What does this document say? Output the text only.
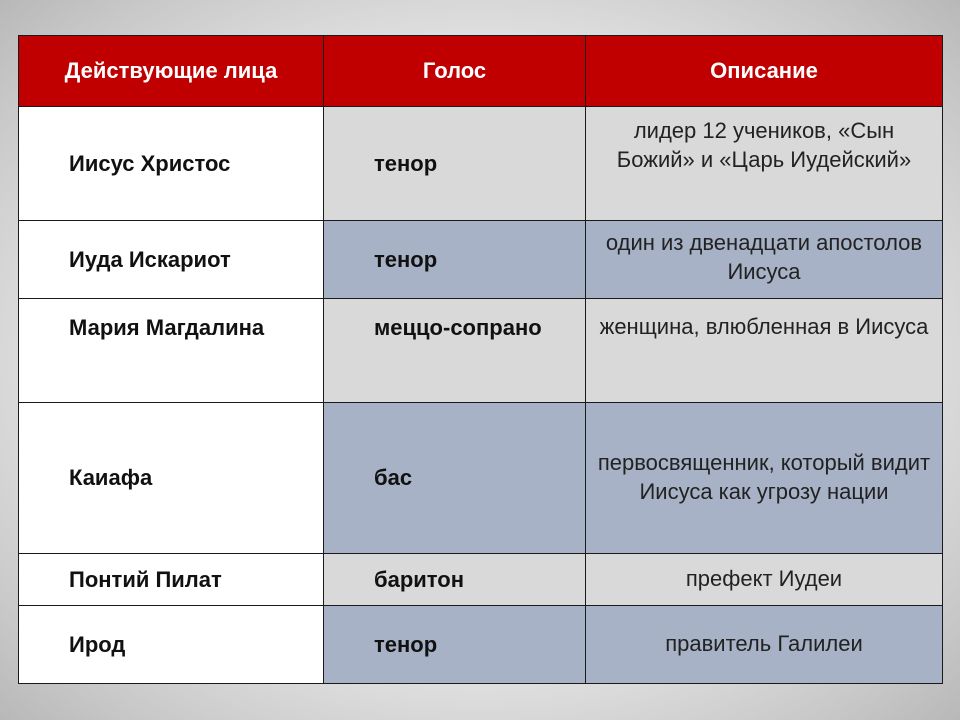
Действующие лица	Голос	Описание
Иисус Христос	тенор	лидер 12 учеников, «Сын Божий» и «Царь Иудейский»
Иуда Искариот	тенор	один из двенадцати апостолов Иисуса
Мария Магдалина	меццо-сопрано	женщина, влюбленная в Иисуса
Каиафа	бас	первосвященник, который видит Иисуса как угрозу нации
Понтий Пилат	баритон	префект Иудеи
Ирод	тенор	правитель Галилеи
